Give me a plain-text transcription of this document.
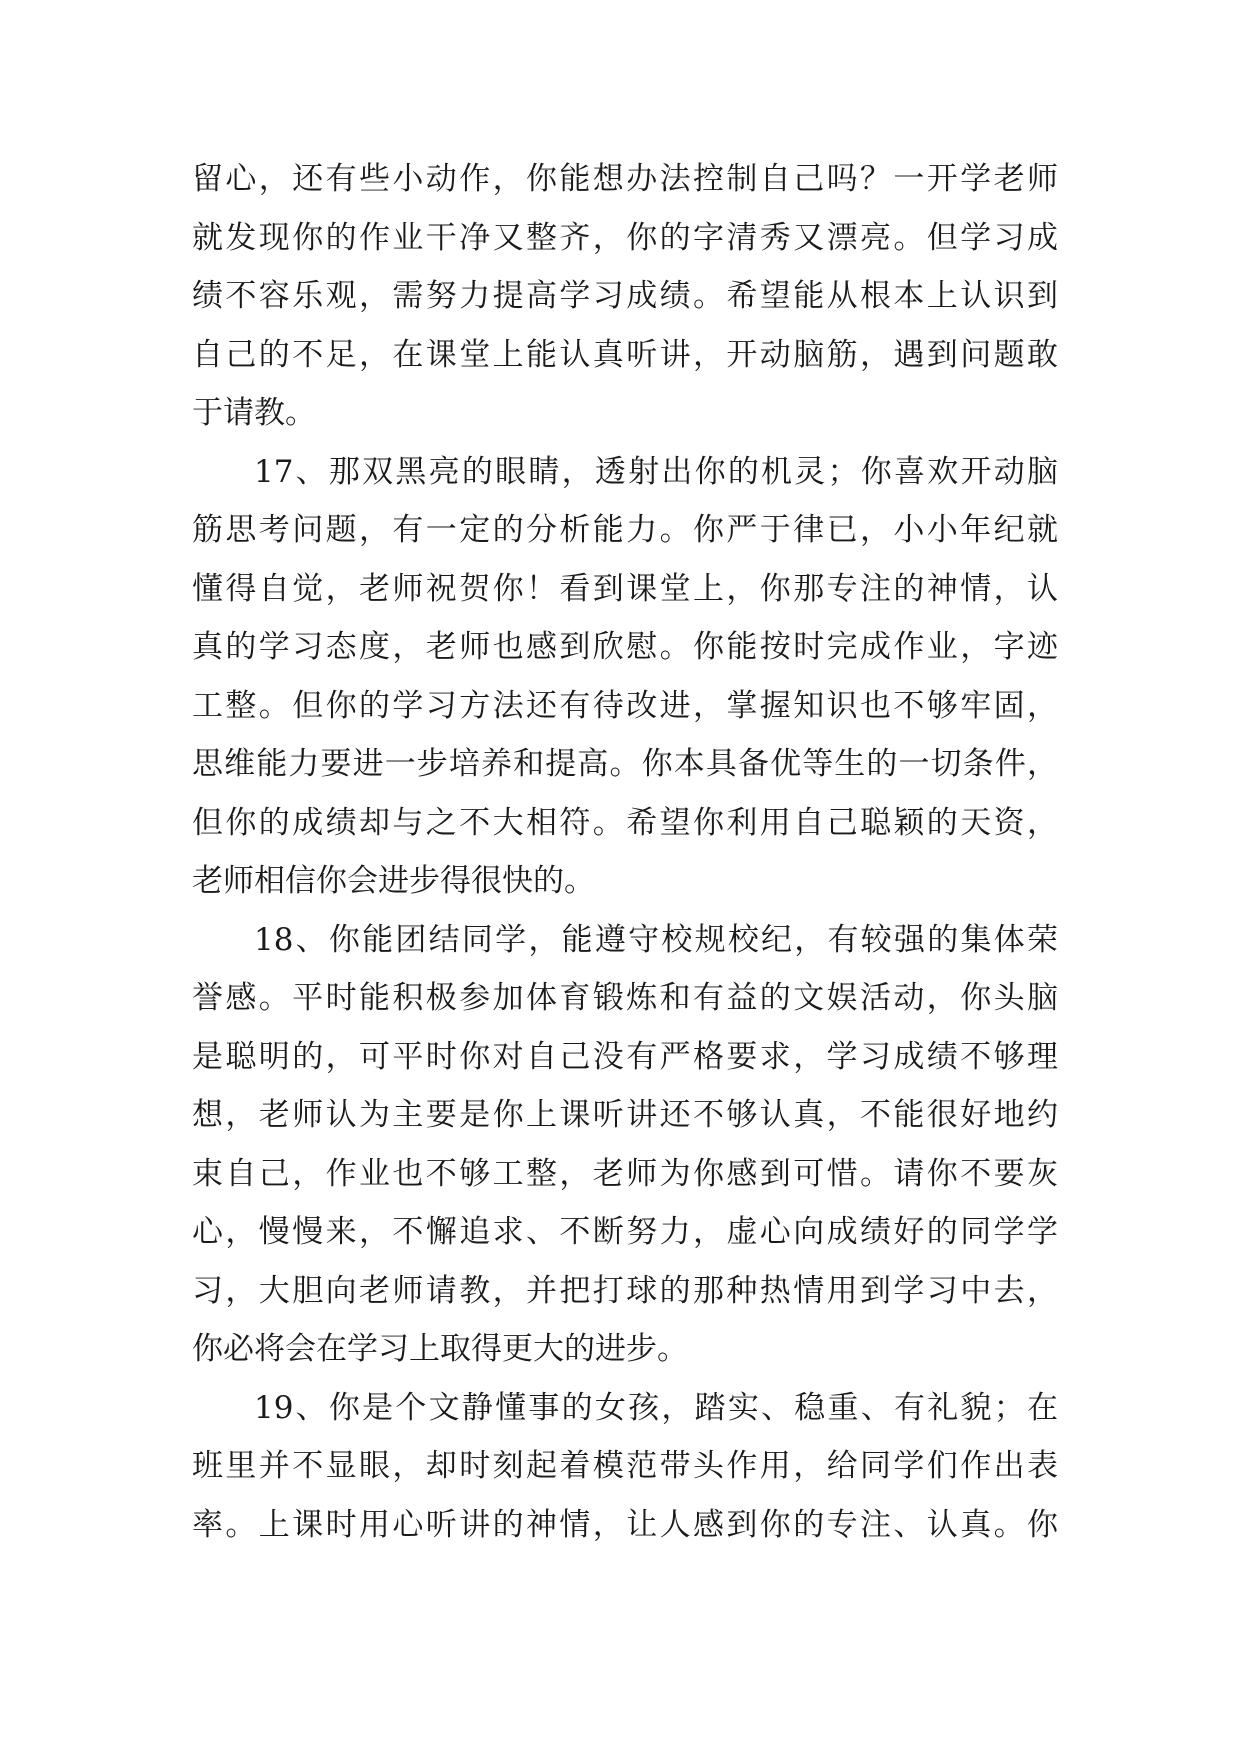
留心，还有些小动作，你能想办法控制自己吗？一开学老师
就发现你的作业干净又整齐，你的字清秀又漂亮。但学习成
绩不容乐观，需努力提高学习成绩。希望能从根本上认识到
自己的不足，在课堂上能认真听讲，开动脑筋，遇到问题敢
于请教。
17、那双黑亮的眼睛，透射出你的机灵；你喜欢开动脑
筋思考问题，有一定的分析能力。你严于律已，小小年纪就
懂得自觉，老师祝贺你！看到课堂上，你那专注的神情，认
真的学习态度，老师也感到欣慰。你能按时完成作业，字迹
工整。但你的学习方法还有待改进，掌握知识也不够牢固，
思维能力要进一步培养和提高。你本具备优等生的一切条件，
但你的成绩却与之不大相符。希望你利用自己聪颖的天资，
老师相信你会进步得很快的。
18、你能团结同学，能遵守校规校纪，有较强的集体荣
誉感。平时能积极参加体育锻炼和有益的文娱活动，你头脑
是聪明的，可平时你对自己没有严格要求，学习成绩不够理
想，老师认为主要是你上课听讲还不够认真，不能很好地约
束自己，作业也不够工整，老师为你感到可惜。请你不要灰
心，慢慢来，不懈追求、不断努力，虚心向成绩好的同学学
习，大胆向老师请教，并把打球的那种热情用到学习中去，
你必将会在学习上取得更大的进步。
19、你是个文静懂事的女孩，踏实、稳重、有礼貌；在
班里并不显眼，却时刻起着模范带头作用，给同学们作出表
率。上课时用心听讲的神情，让人感到你的专注、认真。你
